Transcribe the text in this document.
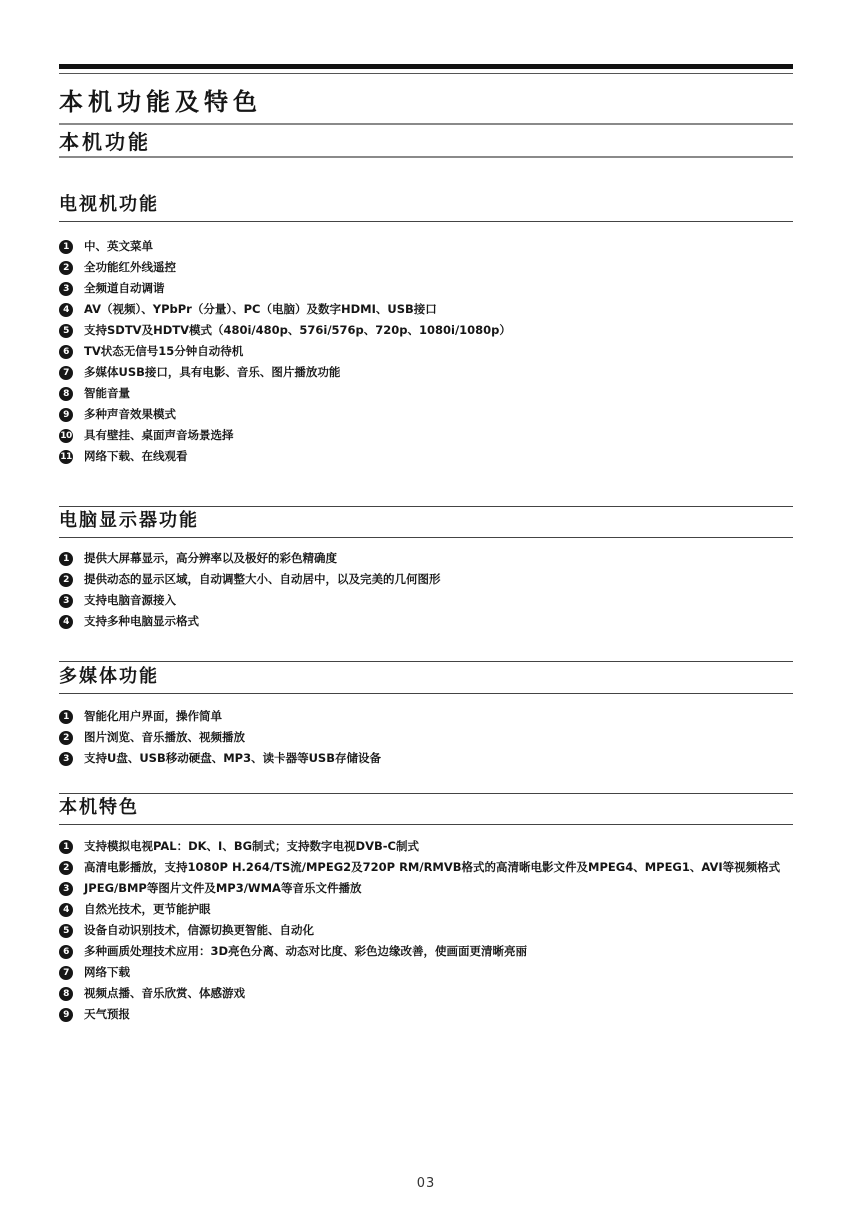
本机功能及特色
本机功能
电视机功能
1	中、英文菜单
2	全功能红外线遥控
3	全频道自动调谐
4	AV（视频）、YPbPr（分量）、PC（电脑）及数字HDMI、USB接口
5	支持SDTV及HDTV模式（480i/480p、576i/576p、720p、1080i/1080p）
6	TV状态无信号15分钟自动待机
7	多媒体USB接口，具有电影、音乐、图片播放功能
8	智能音量
9	多种声音效果模式
10 具有壁挂、桌面声音场景选择
11 网络下载、在线观看
电脑显示器功能
1	提供大屏幕显示，高分辨率以及极好的彩色精确度
2	提供动态的显示区域，自动调整大小、自动居中，以及完美的几何图形
3	支持电脑音源接入
4	支持多种电脑显示格式
多媒体功能
1	智能化用户界面，操作简单
2	图片浏览、音乐播放、视频播放
3	支持U盘、USB移动硬盘、MP3、读卡器等USB存储设备
本机特色
1	支持模拟电视PAL：DK、I、BG制式；支持数字电视DVB-C制式
2	高清电影播放，支持1080P H.264/TS流/MPEG2及720P RM/RMVB格式的高清晰电影文件及MPEG4、MPEG1、AVI等视频格式
3	JPEG/BMP等图片文件及MP3/WMA等音乐文件播放
4	自然光技术，更节能护眼
5	设备自动识别技术，信源切换更智能、自动化
6	多种画质处理技术应用：3D亮色分离、动态对比度、彩色边缘改善，使画面更清晰亮丽
7	网络下载
8	视频点播、音乐欣赏、体感游戏
9	天气预报
03
